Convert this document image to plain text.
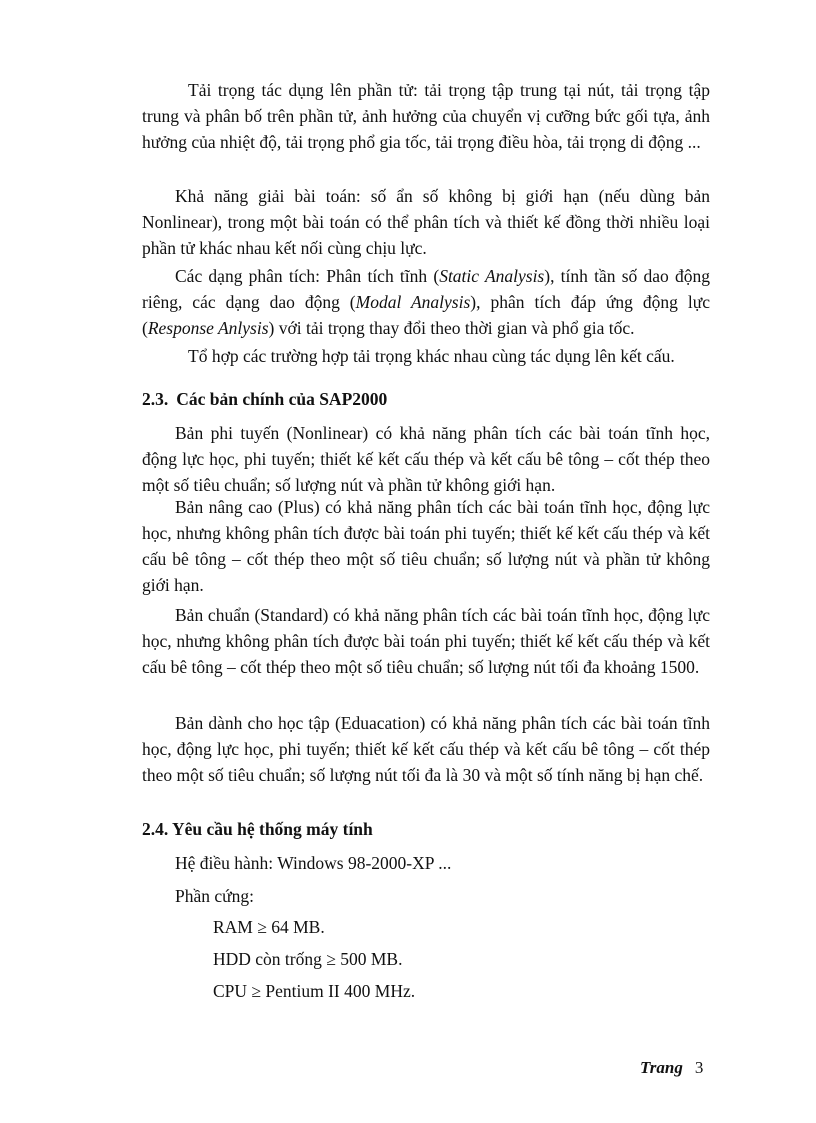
Tải trọng tác dụng lên phần tử: tải trọng tập trung tại nút, tải trọng tập trung và phân bố trên phần tử, ảnh hưởng của chuyển vị cưỡng bức gối tựa, ảnh hưởng của nhiệt độ, tải trọng phổ gia tốc, tải trọng điều hòa, tải trọng di động ...

Khả năng giải bài toán: số ẩn số không bị giới hạn (nếu dùng bản Nonlinear), trong một bài toán có thể phân tích và thiết kế đồng thời nhiều loại phần tử khác nhau kết nối cùng chịu lực.

Các dạng phân tích: Phân tích tĩnh (Static Analysis), tính tần số dao động riêng, các dạng dao động (Modal Analysis), phân tích đáp ứng động lực (Response Anlysis) với tải trọng thay đổi theo thời gian và phổ gia tốc.

Tổ hợp các trường hợp tải trọng khác nhau cùng tác dụng lên kết cấu.

2.3. Các bản chính của SAP2000

Bản phi tuyến (Nonlinear) có khả năng phân tích các bài toán tĩnh học, động lực học, phi tuyến; thiết kế kết cấu thép và kết cấu bê tông – cốt thép theo một số tiêu chuẩn; số lượng nút và phần tử không giới hạn.

Bản nâng cao (Plus) có khả năng phân tích các bài toán tĩnh học, động lực học, nhưng không phân tích được bài toán phi tuyến; thiết kế kết cấu thép và kết cấu bê tông – cốt thép theo một số tiêu chuẩn; số lượng nút và phần tử không giới hạn.

Bản chuẩn (Standard) có khả năng phân tích các bài toán tĩnh học, động lực học, nhưng không phân tích được bài toán phi tuyến; thiết kế kết cấu thép và kết cấu bê tông – cốt thép theo một số tiêu chuẩn; số lượng nút tối đa khoảng 1500.

Bản dành cho học tập (Eduacation) có khả năng phân tích các bài toán tĩnh học, động lực học, phi tuyến; thiết kế kết cấu thép và kết cấu bê tông – cốt thép theo một số tiêu chuẩn; số lượng nút tối đa là 30 và một số tính năng bị hạn chế.

2.4. Yêu cầu hệ thống máy tính

Hệ điều hành: Windows 98-2000-XP ...

Phần cứng:

RAM ≥ 64 MB.

HDD còn trống ≥ 500 MB.

CPU ≥ Pentium II 400 MHz.

Trang 3
